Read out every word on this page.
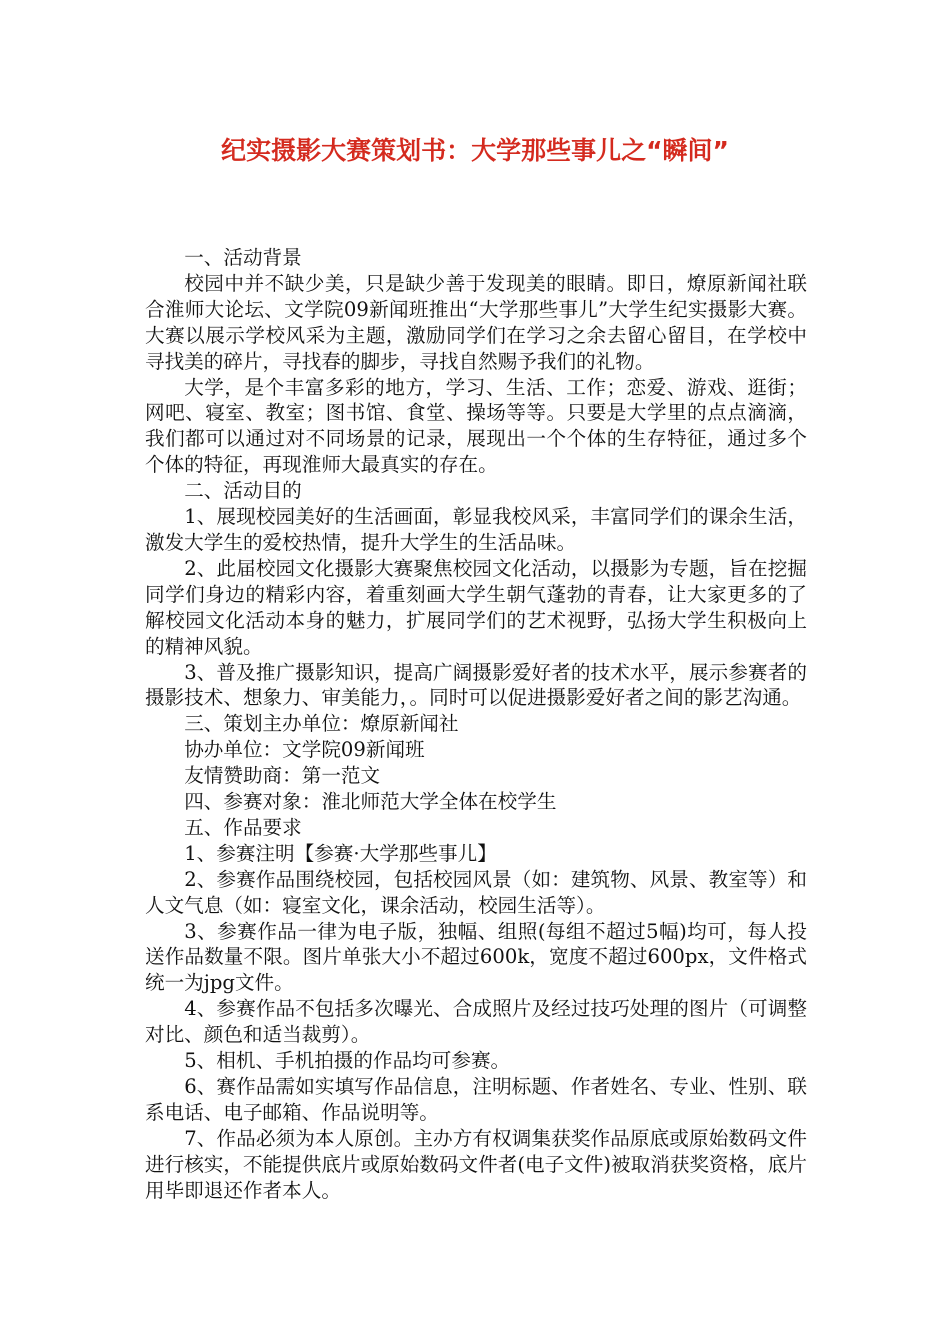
纪实摄影大赛策划书：大学那些事儿之“瞬间”

一、活动背景

校园中并不缺少美，只是缺少善于发现美的眼睛。即日，燎原新闻社联合淮师大论坛、文学院09新闻班推出“大学那些事儿”大学生纪实摄影大赛。大赛以展示学校风采为主题，激励同学们在学习之余去留心留目，在学校中寻找美的碎片，寻找春的脚步，寻找自然赐予我们的礼物。

大学，是个丰富多彩的地方，学习、生活、工作；恋爱、游戏、逛街；网吧、寝室、教室；图书馆、食堂、操场等等。只要是大学里的点点滴滴，我们都可以通过对不同场景的记录，展现出一个个体的生存特征，通过多个个体的特征，再现淮师大最真实的存在。

二、活动目的

1、展现校园美好的生活画面，彰显我校风采，丰富同学们的课余生活，激发大学生的爱校热情，提升大学生的生活品味。

2、此届校园文化摄影大赛聚焦校园文化活动，以摄影为专题，旨在挖掘同学们身边的精彩内容，着重刻画大学生朝气蓬勃的青春，让大家更多的了解校园文化活动本身的魅力，扩展同学们的艺术视野，弘扬大学生积极向上的精神风貌。

3、普及推广摄影知识，提高广阔摄影爱好者的技术水平，展示参赛者的摄影技术、想象力、审美能力，。同时可以促进摄影爱好者之间的影艺沟通。

三、策划主办单位：燎原新闻社

协办单位：文学院09新闻班

友情赞助商：第一范文

四、参赛对象：淮北师范大学全体在校学生

五、作品要求

1、参赛注明【参赛·大学那些事儿】

2、参赛作品围绕校园，包括校园风景（如：建筑物、风景、教室等）和人文气息（如：寝室文化，课余活动，校园生活等）。

3、参赛作品一律为电子版，独幅、组照(每组不超过5幅)均可，每人投送作品数量不限。图片单张大小不超过600k，宽度不超过600px，文件格式统一为jpg文件。

4、参赛作品不包括多次曝光、合成照片及经过技巧处理的图片（可调整对比、颜色和适当裁剪）。

5、相机、手机拍摄的作品均可参赛。

6、赛作品需如实填写作品信息，注明标题、作者姓名、专业、性别、联系电话、电子邮箱、作品说明等。

7、作品必须为本人原创。主办方有权调集获奖作品原底或原始数码文件进行核实，不能提供底片或原始数码文件者(电子文件)被取消获奖资格，底片用毕即退还作者本人。
